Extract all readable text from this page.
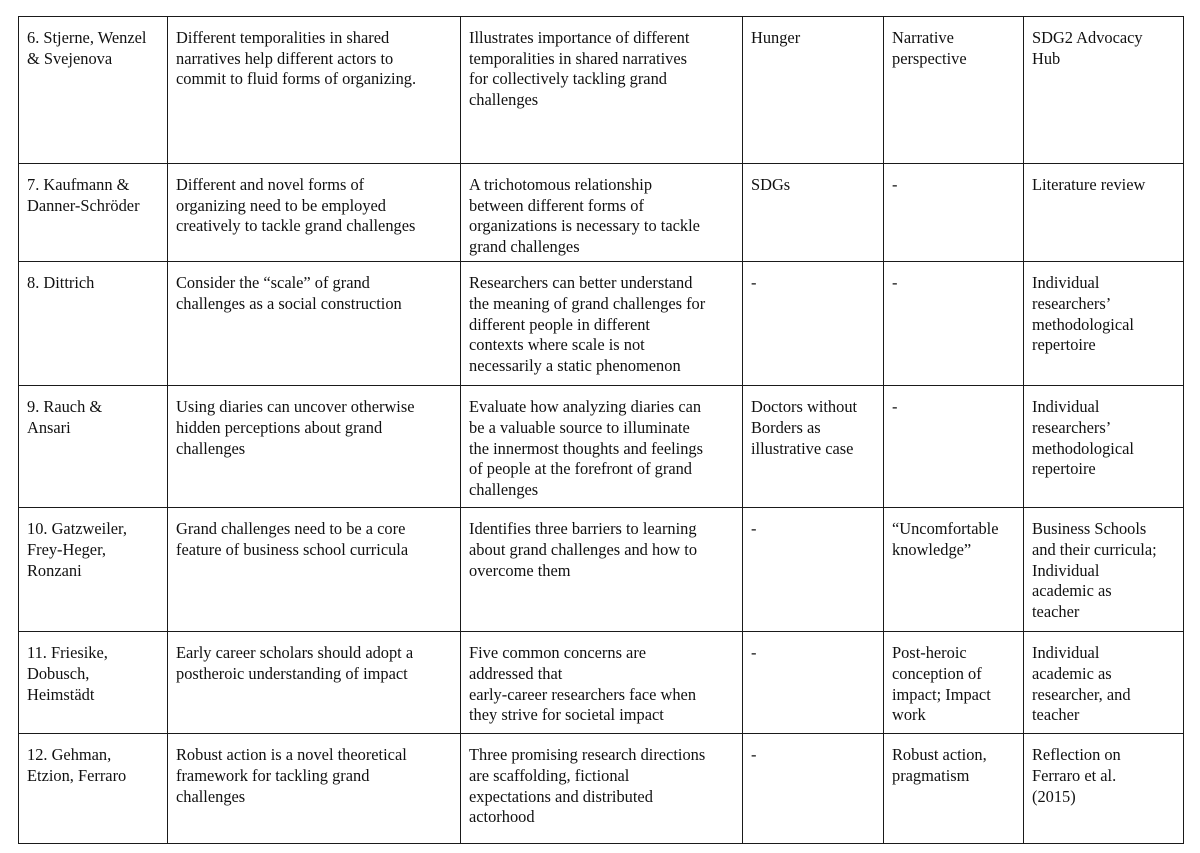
6. Stjerne, Wenzel
& Svejenova	Different temporalities in shared
narratives help different actors to
commit to fluid forms of organizing.	Illustrates importance of different
temporalities in shared narratives
for collectively tackling grand
challenges	Hunger	Narrative
perspective	SDG2 Advocacy
Hub
7. Kaufmann &
Danner-Schröder	Different and novel forms of
organizing need to be employed
creatively to tackle grand challenges	A trichotomous relationship
between different forms of
organizations is necessary to tackle
grand challenges	SDGs	-	Literature review
8. Dittrich	Consider the “scale” of grand
challenges as a social construction	Researchers can better understand
the meaning of grand challenges for
different people in different
contexts where scale is not
necessarily a static phenomenon	-	-	Individual
researchers’
methodological
repertoire
9. Rauch &
Ansari	Using diaries can uncover otherwise
hidden perceptions about grand
challenges	Evaluate how analyzing diaries can
be a valuable source to illuminate
the innermost thoughts and feelings
of people at the forefront of grand
challenges	Doctors without
Borders as
illustrative case	-	Individual
researchers’
methodological
repertoire
10. Gatzweiler,
Frey-Heger,
Ronzani	Grand challenges need to be a core
feature of business school curricula	Identifies three barriers to learning
about grand challenges and how to
overcome them	-	“Uncomfortable
knowledge”	Business Schools
and their curricula;
Individual
academic as
teacher
11. Friesike,
Dobusch,
Heimstädt	Early career scholars should adopt a
postheroic understanding of impact	Five common concerns are
addressed that
early-career researchers face when
they strive for societal impact	-	Post-heroic
conception of
impact; Impact
work	Individual
academic as
researcher, and
teacher
12. Gehman,
Etzion, Ferraro	Robust action is a novel theoretical
framework for tackling grand
challenges	Three promising research directions
are scaffolding, fictional
expectations and distributed
actorhood	-	Robust action,
pragmatism	Reflection on
Ferraro et al.
(2015)
